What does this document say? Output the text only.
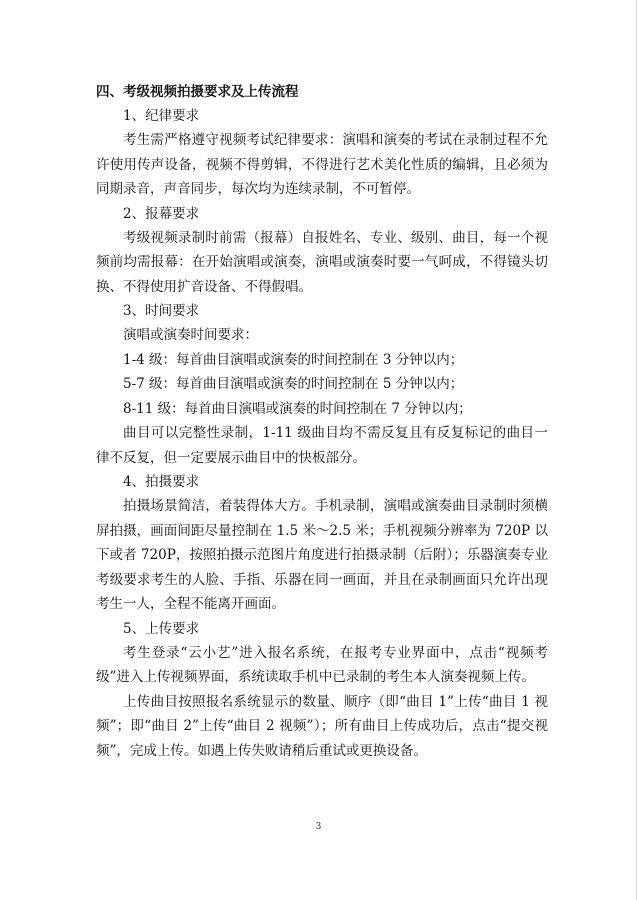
四、考级视频拍摄要求及上传流程

1、纪律要求

考生需严格遵守视频考试纪律要求：演唱和演奏的考试在录制过程不允许使用传声设备，视频不得剪辑，不得进行艺术美化性质的编辑，且必须为同期录音，声音同步，每次均为连续录制，不可暂停。

2、报幕要求

考级视频录制时前需（报幕）自报姓名、专业、级别、曲目，每一个视频前均需报幕：在开始演唱或演奏，演唱或演奏时要一气呵成，不得镜头切换、不得使用扩音设备、不得假唱。

3、时间要求

演唱或演奏时间要求：

1-4 级：每首曲目演唱或演奏的时间控制在 3 分钟以内；

5-7 级：每首曲目演唱或演奏的时间控制在 5 分钟以内；

8-11 级：每首曲目演唱或演奏的时间控制在 7 分钟以内；

曲目可以完整性录制，1-11 级曲目均不需反复且有反复标记的曲目一律不反复，但一定要展示曲目中的快板部分。

4、拍摄要求

拍摄场景简洁，着装得体大方。手机录制，演唱或演奏曲目录制时须横屏拍摄，画面间距尽量控制在 1.5 米～2.5 米；手机视频分辨率为 720P 以下或者 720P，按照拍摄示范图片角度进行拍摄录制（后附）；乐器演奏专业考级要求考生的人脸、手指、乐器在同一画面，并且在录制画面只允许出现考生一人，全程不能离开画面。

5、上传要求

考生登录“云小艺”进入报名系统，在报考专业界面中，点击“视频考级”进入上传视频界面，系统读取手机中已录制的考生本人演奏视频上传。

上传曲目按照报名系统显示的数量、顺序（即“曲目 1”上传“曲目 1 视频”；即“曲目 2”上传“曲目 2 视频”）；所有曲目上传成功后，点击“提交视频”，完成上传。如遇上传失败请稍后重试或更换设备。

3
